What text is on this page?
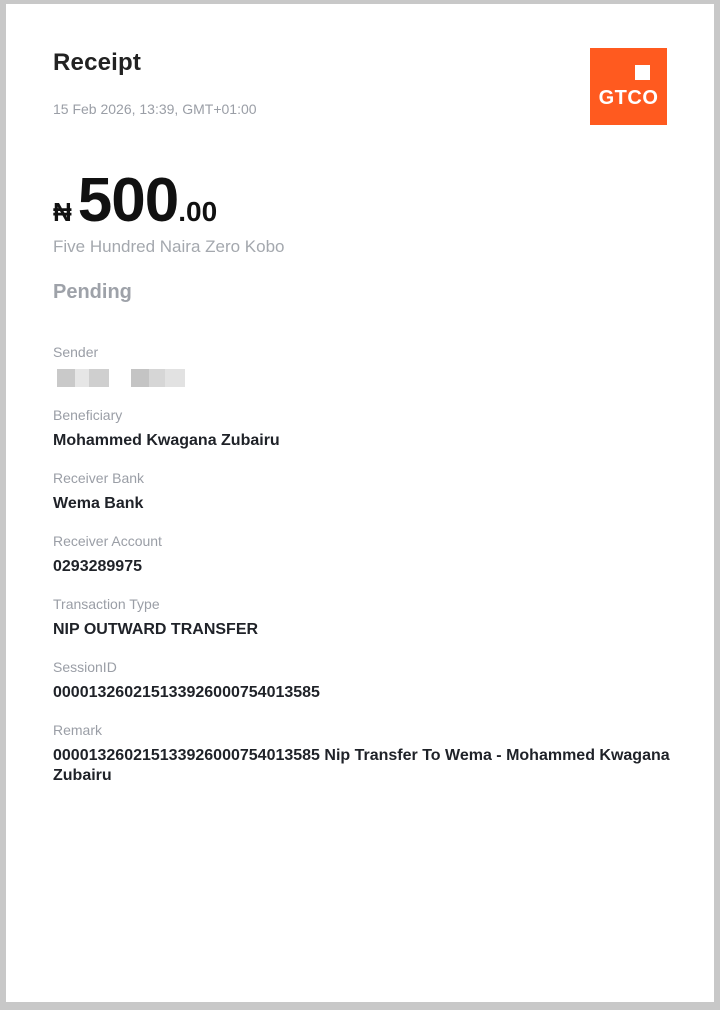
Receipt
15 Feb 2026, 13:39, GMT+01:00	GTCO
₦ 500 .00
Five Hundred Naira Zero Kobo
Pending
Sender
Beneficiary
Mohammed Kwagana Zubairu
Receiver Bank
Wema Bank
Receiver Account
0293289975
Transaction Type
NIP OUTWARD TRANSFER
SessionID
000013260215133926000754013585
Remark
000013260215133926000754013585 Nip Transfer To Wema - Mohammed Kwagana Zubairu
